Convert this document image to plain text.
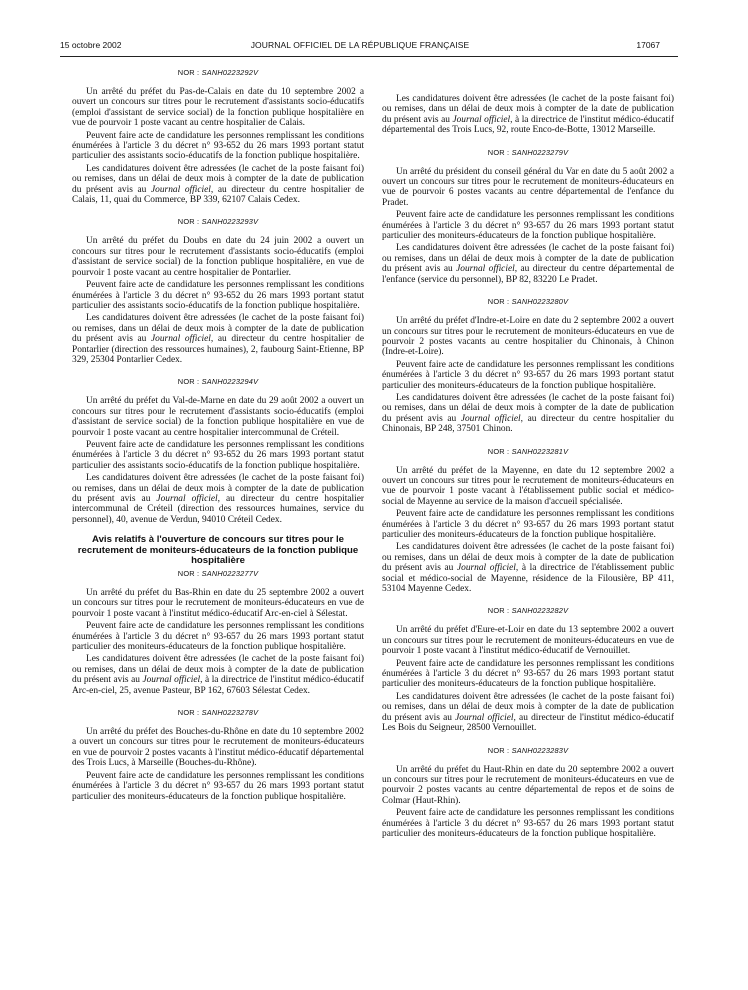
15 octobre 2002	JOURNAL OFFICIEL DE LA RÉPUBLIQUE FRANÇAISE	17067
NOR : SANH0223292V

Un arrêté du préfet du Pas-de-Calais en date du 10 septembre 2002 a ouvert un concours sur titres pour le recrutement d'assistants socio-éducatifs (emploi d'assistant de service social) de la fonction publique hospitalière en vue de pourvoir 1 poste vacant au centre hospitalier de Calais.

Peuvent faire acte de candidature les personnes remplissant les conditions énumérées à l'article 3 du décret n° 93-652 du 26 mars 1993 portant statut particulier des assistants socio-éducatifs de la fonction publique hospitalière.

Les candidatures doivent être adressées (le cachet de la poste faisant foi) ou remises, dans un délai de deux mois à compter de la date de publication du présent avis au Journal officiel, au directeur du centre hospitalier de Calais, 11, quai du Commerce, BP 339, 62107 Calais Cedex.

NOR : SANH0223293V

Un arrêté du préfet du Doubs en date du 24 juin 2002 a ouvert un concours sur titres pour le recrutement d'assistants socio-éducatifs (emploi d'assistant de service social) de la fonction publique hospitalière, en vue de pourvoir 1 poste vacant au centre hospitalier de Pontarlier.

Peuvent faire acte de candidature les personnes remplissant les conditions énumérées à l'article 3 du décret n° 93-652 du 26 mars 1993 portant statut particulier des assistants socio-éducatifs de la fonction publique hospitalière.

Les candidatures doivent être adressées (le cachet de la poste faisant foi) ou remises, dans un délai de deux mois à compter de la date de publication du présent avis au Journal officiel, au directeur du centre hospitalier de Pontarlier (direction des ressources humaines), 2, faubourg Saint-Etienne, BP 329, 25304 Pontarlier Cedex.

NOR : SANH0223294V

Un arrêté du préfet du Val-de-Marne en date du 29 août 2002 a ouvert un concours sur titres pour le recrutement d'assistants socio-éducatifs (emploi d'assistant de service social) de la fonction publique hospitalière en vue de pourvoir 1 poste vacant au centre hospitalier intercommunal de Créteil.

Peuvent faire acte de candidature les personnes remplissant les conditions énumérées à l'article 3 du décret n° 93-652 du 26 mars 1993 portant statut particulier des assistants socio-éducatifs de la fonction publique hospitalière.

Les candidatures doivent être adressées (le cachet de la poste faisant foi) ou remises, dans un délai de deux mois à compter de la date de publication du présent avis au Journal officiel, au directeur du centre hospitalier intercommunal de Créteil (direction des ressources humaines, service du personnel), 40, avenue de Verdun, 94010 Créteil Cedex.

Avis relatifs à l'ouverture de concours sur titres pour le recrutement de moniteurs-éducateurs de la fonction publique hospitalière
NOR : SANH0223277V

Un arrêté du préfet du Bas-Rhin en date du 25 septembre 2002 a ouvert un concours sur titres pour le recrutement de moniteurs-éducateurs en vue de pourvoir 1 poste vacant à l'institut médico-éducatif Arc-en-ciel à Sélestat.

Peuvent faire acte de candidature les personnes remplissant les conditions énumérées à l'article 3 du décret n° 93-657 du 26 mars 1993 portant statut particulier des moniteurs-éducateurs de la fonction publique hospitalière.

Les candidatures doivent être adressées (le cachet de la poste faisant foi) ou remises, dans un délai de deux mois à compter de la date de publication du présent avis au Journal officiel, à la directrice de l'institut médico-éducatif Arc-en-ciel, 25, avenue Pasteur, BP 162, 67603 Sélestat Cedex.

NOR : SANH0223278V

Un arrêté du préfet des Bouches-du-Rhône en date du 10 septembre 2002 a ouvert un concours sur titres pour le recrutement de moniteurs-éducateurs en vue de pourvoir 2 postes vacants à l'institut médico-éducatif départemental des Trois Lucs, à Marseille (Bouches-du-Rhône).

Peuvent faire acte de candidature les personnes remplissant les conditions énumérées à l'article 3 du décret n° 93-657 du 26 mars 1993 portant statut particulier des moniteurs-éducateurs de la fonction publique hospitalière.

Les candidatures doivent être adressées (le cachet de la poste faisant foi) ou remises, dans un délai de deux mois à compter de la date de publication du présent avis au Journal officiel, à la directrice de l'institut médico-éducatif départemental des Trois Lucs, 92, route Enco-de-Botte, 13012 Marseille.

NOR : SANH0223279V

Un arrêté du président du conseil général du Var en date du 5 août 2002 a ouvert un concours sur titres pour le recrutement de moniteurs-éducateurs en vue de pourvoir 6 postes vacants au centre départemental de l'enfance du Pradet.

Peuvent faire acte de candidature les personnes remplissant les conditions énumérées à l'article 3 du décret n° 93-657 du 26 mars 1993 portant statut particulier des moniteurs-éducateurs de la fonction publique hospitalière.

Les candidatures doivent être adressées (le cachet de la poste faisant foi) ou remises, dans un délai de deux mois à compter de la date de publication du présent avis au Journal officiel, au directeur du centre départemental de l'enfance (service du personnel), BP 82, 83220 Le Pradet.

NOR : SANH0223280V

Un arrêté du préfet d'Indre-et-Loire en date du 2 septembre 2002 a ouvert un concours sur titres pour le recrutement de moniteurs-éducateurs en vue de pourvoir 2 postes vacants au centre hospitalier du Chinonais, à Chinon (Indre-et-Loire).

Peuvent faire acte de candidature les personnes remplissant les conditions énumérées à l'article 3 du décret n° 93-657 du 26 mars 1993 portant statut particulier des moniteurs-éducateurs de la fonction publique hospitalière.

Les candidatures doivent être adressées (le cachet de la poste faisant foi) ou remises, dans un délai de deux mois à compter de la date de publication du présent avis au Journal officiel, au directeur du centre hospitalier du Chinonais, BP 248, 37501 Chinon.

NOR : SANH0223281V

Un arrêté du préfet de la Mayenne, en date du 12 septembre 2002 a ouvert un concours sur titres pour le recrutement de moniteurs-éducateurs en vue de pourvoir 1 poste vacant à l'établissement public social et médico-social de Mayenne au service de la maison d'accueil spécialisée.

Peuvent faire acte de candidature les personnes remplissant les conditions énumérées à l'article 3 du décret n° 93-657 du 26 mars 1993 portant statut particulier des moniteurs-éducateurs de la fonction publique hospitalière.

Les candidatures doivent être adressées (le cachet de la poste faisant foi) ou remises, dans un délai de deux mois à compter de la date de publication du présent avis au Journal officiel, à la directrice de l'établissement public social et médico-social de Mayenne, résidence de la Filousière, BP 411, 53104 Mayenne Cedex.

NOR : SANH0223282V

Un arrêté du préfet d'Eure-et-Loir en date du 13 septembre 2002 a ouvert un concours sur titres pour le recrutement de moniteurs-éducateurs en vue de pourvoir 1 poste vacant à l'institut médico-éducatif de Vernouillet.

Peuvent faire acte de candidature les personnes remplissant les conditions énumérées à l'article 3 du décret n° 93-657 du 26 mars 1993 portant statut particulier des moniteurs-éducateurs de la fonction publique hospitalière.

Les candidatures doivent être adressées (le cachet de la poste faisant foi) ou remises, dans un délai de deux mois à compter de la date de publication du présent avis au Journal officiel, au directeur de l'institut médico-éducatif Les Bois du Seigneur, 28500 Vernouillet.

NOR : SANH0223283V

Un arrêté du préfet du Haut-Rhin en date du 20 septembre 2002 a ouvert un concours sur titres pour le recrutement de moniteurs-éducateurs en vue de pourvoir 2 postes vacants au centre départemental de repos et de soins de Colmar (Haut-Rhin).

Peuvent faire acte de candidature les personnes remplissant les conditions énumérées à l'article 3 du décret n° 93-657 du 26 mars 1993 portant statut particulier des moniteurs-éducateurs de la fonction publique hospitalière.
